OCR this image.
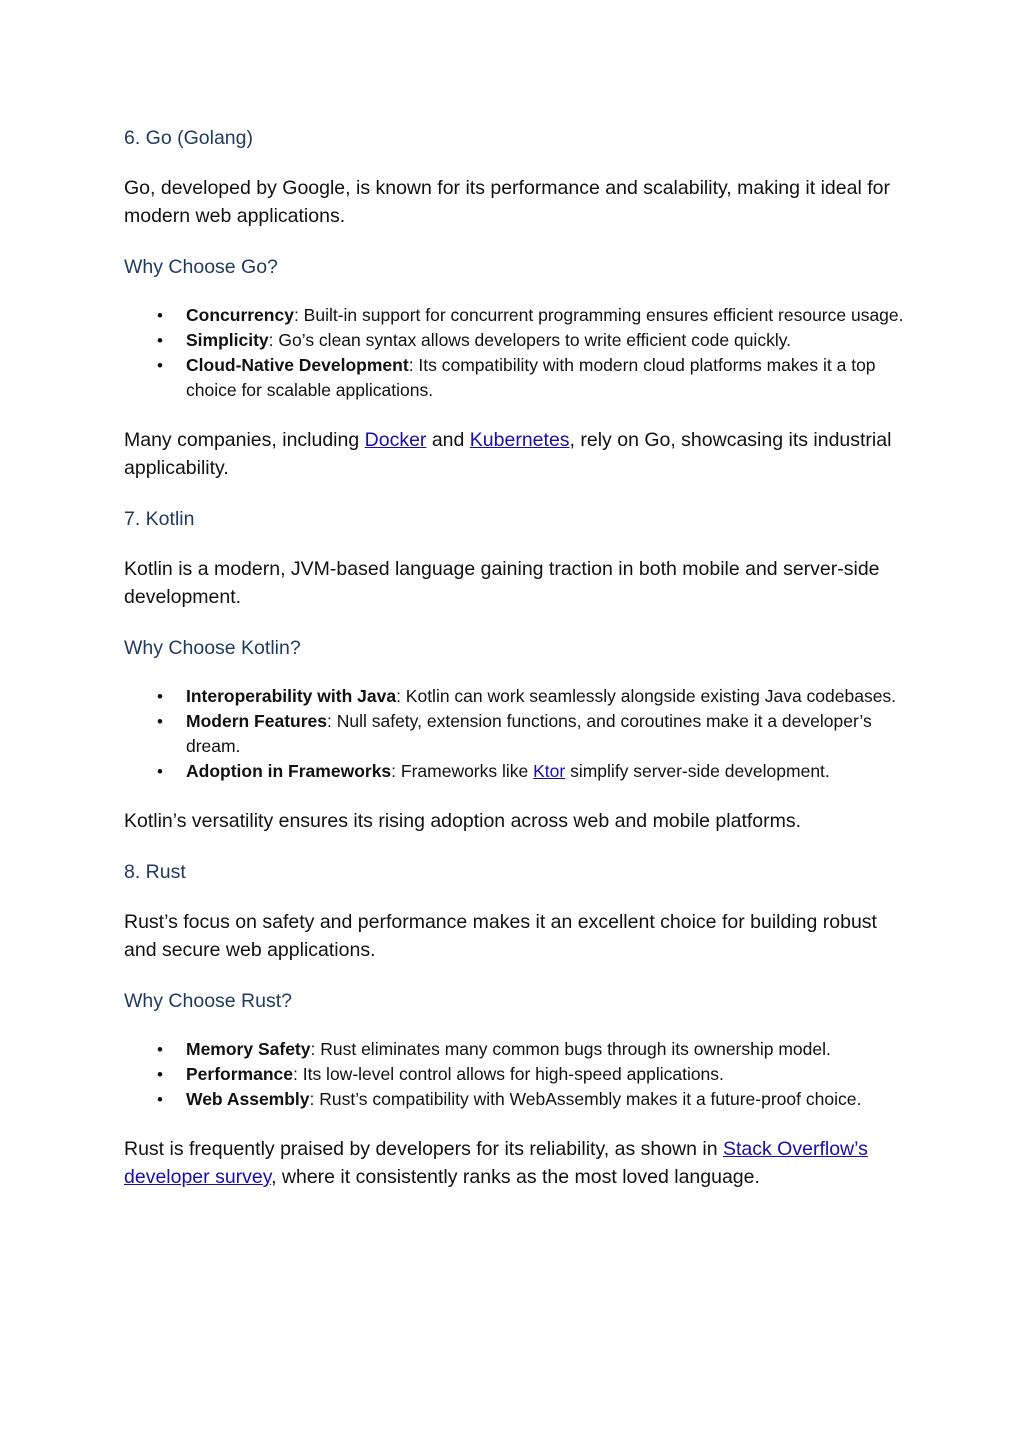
6. Go (Golang)

Go, developed by Google, is known for its performance and scalability, making it ideal for modern web applications.

Why Choose Go?
• Concurrency: Built-in support for concurrent programming ensures efficient resource usage.
• Simplicity: Go’s clean syntax allows developers to write efficient code quickly.
• Cloud-Native Development: Its compatibility with modern cloud platforms makes it a top choice for scalable applications.

Many companies, including Docker and Kubernetes, rely on Go, showcasing its industrial applicability.

7. Kotlin

Kotlin is a modern, JVM-based language gaining traction in both mobile and server-side development.

Why Choose Kotlin?
• Interoperability with Java: Kotlin can work seamlessly alongside existing Java codebases.
• Modern Features: Null safety, extension functions, and coroutines make it a developer’s dream.
• Adoption in Frameworks: Frameworks like Ktor simplify server-side development.

Kotlin’s versatility ensures its rising adoption across web and mobile platforms.

8. Rust

Rust’s focus on safety and performance makes it an excellent choice for building robust and secure web applications.

Why Choose Rust?
• Memory Safety: Rust eliminates many common bugs through its ownership model.
• Performance: Its low-level control allows for high-speed applications.
• Web Assembly: Rust’s compatibility with WebAssembly makes it a future-proof choice.

Rust is frequently praised by developers for its reliability, as shown in Stack Overflow’s developer survey, where it consistently ranks as the most loved language.
